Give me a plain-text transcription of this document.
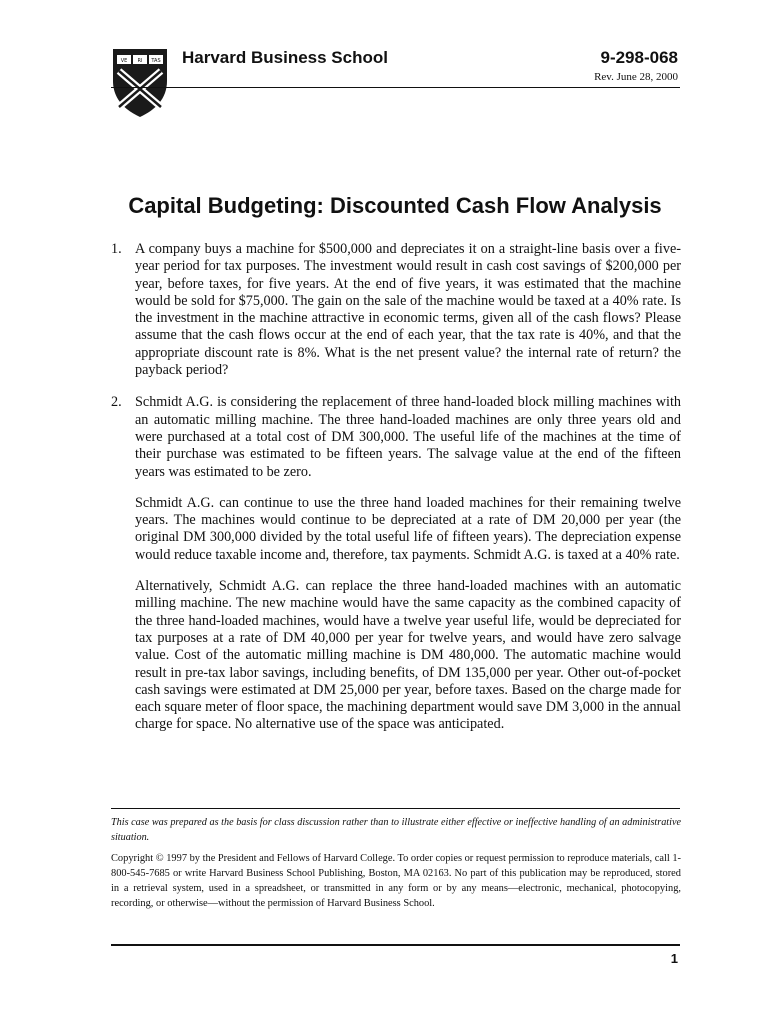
VE RI TAS Harvard Business School	9-298-068
Rev. June 28, 2000
Capital Budgeting: Discounted Cash Flow Analysis
1. A company buys a machine for $500,000 and depreciates it on a straight-line basis over a five-year period for tax purposes. The investment would result in cash cost savings of $200,000 per year, before taxes, for five years. At the end of five years, it was estimated that the machine would be sold for $75,000. The gain on the sale of the machine would be taxed at a 40% rate. Is the investment in the machine attractive in economic terms, given all of the cash flows? Please assume that the cash flows occur at the end of each year, that the tax rate is 40%, and that the appropriate discount rate is 8%. What is the net present value? the internal rate of return? the payback period?

2. Schmidt A.G. is considering the replacement of three hand-loaded block milling machines with an automatic milling machine. The three hand-loaded machines are only three years old and were purchased at a total cost of DM 300,000. The useful life of the machines at the time of their purchase was estimated to be fifteen years. The salvage value at the end of the fifteen years was estimated to be zero.

Schmidt A.G. can continue to use the three hand loaded machines for their remaining twelve years. The machines would continue to be depreciated at a rate of DM 20,000 per year (the original DM 300,000 divided by the total useful life of fifteen years). The depreciation expense would reduce taxable income and, therefore, tax payments. Schmidt A.G. is taxed at a 40% rate.

Alternatively, Schmidt A.G. can replace the three hand-loaded machines with an automatic milling machine. The new machine would have the same capacity as the combined capacity of the three hand-loaded machines, would have a twelve year useful life, would be depreciated for tax purposes at a rate of DM 40,000 per year for twelve years, and would have zero salvage value. Cost of the automatic milling machine is DM 480,000. The automatic machine would result in pre-tax labor savings, including benefits, of DM 135,000 per year. Other out-of-pocket cash savings were estimated at DM 25,000 per year, before taxes. Based on the charge made for each square meter of floor space, the machining department would save DM 3,000 in the annual charge for space. No alternative use of the space was anticipated.

This case was prepared as the basis for class discussion rather than to illustrate either effective or ineffective handling of an administrative situation.
Copyright © 1997 by the President and Fellows of Harvard College. To order copies or request permission to reproduce materials, call 1-800-545-7685 or write Harvard Business School Publishing, Boston, MA 02163. No part of this publication may be reproduced, stored in a retrieval system, used in a spreadsheet, or transmitted in any form or by any means—electronic, mechanical, photocopying, recording, or otherwise—without the permission of Harvard Business School.
1
